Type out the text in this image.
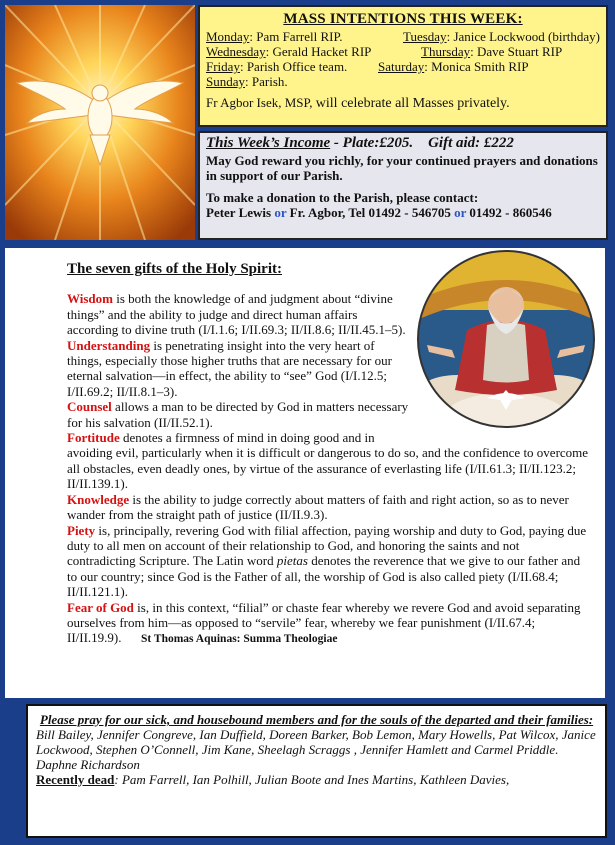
MASS INTENTIONS THIS WEEK:
Monday: Pam Farrell RIP.	Tuesday: Janice Lockwood (birthday)
Wednesday: Gerald Hacket RIP	Thursday: Dave Stuart RIP
Friday: Parish Office team.	Saturday: Monica Smith RIP
Sunday: Parish.
Fr Agbor Isek, MSP, will celebrate all Masses privately.
This Week’s Income - Plate:£205. Gift aid: £222

May God reward you richly, for your continued prayers and donations in support of our Parish.

To make a donation to the Parish, please contact:

Peter Lewis or Fr. Agbor, Tel 01492 - 546705 or 01492 - 860546

The seven gifts of the Holy Spirit:

Wisdom is both the knowledge of and judgment about “divine things” and the ability to judge and direct human affairs according to divine truth (I/I.1.6; I/II.69.3; II/II.8.6; II/II.45.1–5).

Understanding is penetrating insight into the very heart of things, especially those higher truths that are necessary for our eternal salvation—in effect, the ability to “see” God (I/I.12.5; I/II.69.2; II/II.8.1–3).

Counsel allows a man to be directed by God in matters necessary for his salvation (II/II.52.1).

Fortitude denotes a firmness of mind in doing good and in avoiding evil, particularly when it is difficult or dangerous to do so, and the confidence to overcome all obstacles, even deadly ones, by virtue of the assurance of everlasting life (I/II.61.3; II/II.123.2; II/II.139.1).

Knowledge is the ability to judge correctly about matters of faith and right action, so as to never wander from the straight path of justice (II/II.9.3).

Piety is, principally, revering God with filial affection, paying worship and duty to God, paying due duty to all men on account of their relationship to God, and honoring the saints and not contradicting Scripture. The Latin word pietas denotes the reverence that we give to our father and to our country; since God is the Father of all, the worship of God is also called piety (I/II.68.4; II/II.121.1).

Fear of God is, in this context, “filial” or chaste fear whereby we revere God and avoid separating ourselves from him—as opposed to “servile” fear, whereby we fear punishment (I/II.67.4; II/II.19.9). St Thomas Aquinas: Summa Theologiae

Please pray for our sick, and housebound members and for the souls of the departed and their families:

Bill Bailey, Jennifer Congreve, Ian Duffield, Doreen Barker, Bob Lemon, Mary Howells, Pat Wilcox, Janice Lockwood, Stephen O’Connell, Jim Kane, Sheelagh Scraggs , Jennifer Hamlett and Carmel Priddle. Daphne Richardson

Recently dead: Pam Farrell, Ian Polhill, Julian Boote and Ines Martins, Kathleen Davies,
